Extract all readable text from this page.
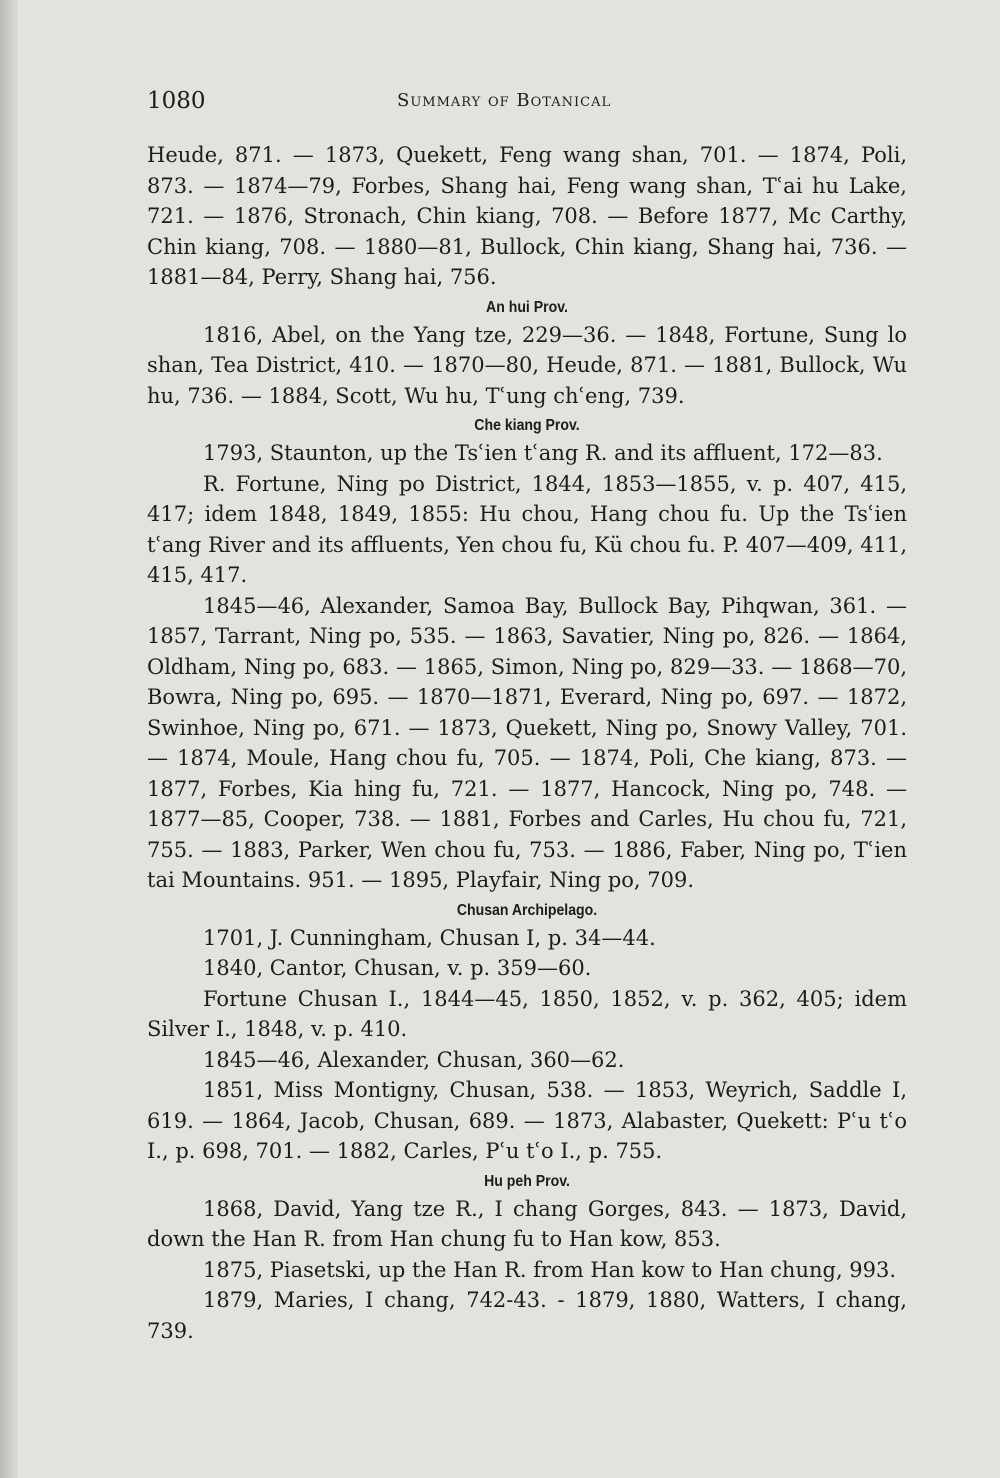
1080	Summary of Botanical

Heude, 871. — 1873, Quekett, Feng wang shan, 701. — 1874, Poli, 873. — 1874—79, Forbes, Shang hai, Feng wang shan, Tʿai hu Lake, 721. — 1876, Stronach, Chin kiang, 708. — Before 1877, Mc Carthy, Chin kiang, 708. — 1880—81, Bullock, Chin kiang, Shang hai, 736. — 1881—84, Perry, Shang hai, 756.

An hui Prov.

1816, Abel, on the Yang tze, 229—36. — 1848, Fortune, Sung lo shan, Tea District, 410. — 1870—80, Heude, 871. — 1881, Bullock, Wu hu, 736. — 1884, Scott, Wu hu, Tʿung chʿeng, 739.

Che kiang Prov.

1793, Staunton, up the Tsʿien tʿang R. and its affluent, 172—83.

R. Fortune, Ning po District, 1844, 1853—1855, v. p. 407, 415, 417; idem 1848, 1849, 1855: Hu chou, Hang chou fu. Up the Tsʿien tʿang River and its affluents, Yen chou fu, Kü chou fu. P. 407—409, 411, 415, 417.

1845—46, Alexander, Samoa Bay, Bullock Bay, Pihqwan, 361. — 1857, Tarrant, Ning po, 535. — 1863, Savatier, Ning po, 826. — 1864, Oldham, Ning po, 683. — 1865, Simon, Ning po, 829—33. — 1868—70, Bowra, Ning po, 695. — 1870—1871, Everard, Ning po, 697. — 1872, Swinhoe, Ning po, 671. — 1873, Quekett, Ning po, Snowy Valley, 701. — 1874, Moule, Hang chou fu, 705. — 1874, Poli, Che kiang, 873. — 1877, Forbes, Kia hing fu, 721. — 1877, Hancock, Ning po, 748. — 1877—85, Cooper, 738. — 1881, Forbes and Carles, Hu chou fu, 721, 755. — 1883, Parker, Wen chou fu, 753. — 1886, Faber, Ning po, Tʿien tai Mountains. 951. — 1895, Playfair, Ning po, 709.

Chusan Archipelago.

1701, J. Cunningham, Chusan I, p. 34—44.

1840, Cantor, Chusan, v. p. 359—60.

Fortune Chusan I., 1844—45, 1850, 1852, v. p. 362, 405; idem Silver I., 1848, v. p. 410.

1845—46, Alexander, Chusan, 360—62.

1851, Miss Montigny, Chusan, 538. — 1853, Weyrich, Saddle I, 619. — 1864, Jacob, Chusan, 689. — 1873, Alabaster, Quekett: Pʿu tʿo I., p. 698, 701. — 1882, Carles, Pʿu tʿo I., p. 755.

Hu peh Prov.

1868, David, Yang tze R., I chang Gorges, 843. — 1873, David, down the Han R. from Han chung fu to Han kow, 853.

1875, Piasetski, up the Han R. from Han kow to Han chung, 993.

1879, Maries, I chang, 742-43. - 1879, 1880, Watters, I chang, 739.
